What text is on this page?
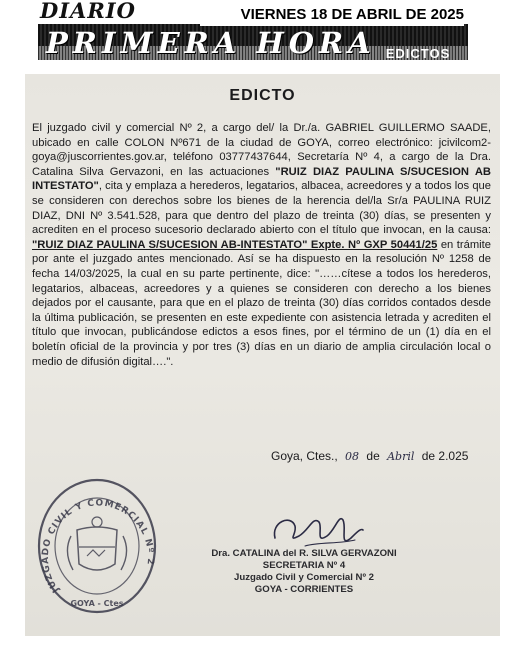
DIARIO
PRIMERA HORA
VIERNES 18 DE ABRIL DE 2025
EDICTOS
EDICTO

El juzgado civil y comercial Nº 2, a cargo del/ la Dr./a. GABRIEL GUILLERMO SAADE, ubicado en calle COLON Nº671 de la ciudad de GOYA, correo electrónico: jcivilcom2-goya@juscorrientes.gov.ar, teléfono 03777437644, Secretaría Nº 4, a cargo de la Dra. Catalina Silva Gervazoni, en las actuaciones "RUIZ DIAZ PAULINA S/SUCESION AB INTESTATO", cita y emplaza a herederos, legatarios, albacea, acreedores y a todos los que se consideren con derechos sobre los bienes de la herencia del/la Sr/a PAULINA RUIZ DIAZ, DNI Nº 3.541.528, para que dentro del plazo de treinta (30) días, se presenten y acrediten en el proceso sucesorio declarado abierto con el título que invocan, en la causa: "RUIZ DIAZ PAULINA S/SUCESION AB-INTESTATO" Expte. Nº GXP 50441/25 en trámite por ante el juzgado antes mencionado. Así se ha dispuesto en la resolución Nº 1258 de fecha 14/03/2025, la cual en su parte pertinente, dice: "……cítese a todos los herederos, legatarios, albaceas, acreedores y a quienes se consideren con derecho a los bienes dejados por el causante, para que en el plazo de treinta (30) días corridos contados desde la última publicación, se presenten en este expediente con asistencia letrada y acrediten el título que invocan, publicándose edictos a esos fines, por el término de un (1) día en el boletín oficial de la provincia y por tres (3) días en un diario de amplia circulación local o medio de difusión digital….".

Goya, Ctes., 08 de Abril de 2.025
JUZGADO CIVIL Y COMERCIAL Nº 2
GOYA - Ctes
Dra. CATALINA del R. SILVA GERVAZONI
SECRETARIA Nº 4
Juzgado Civil y Comercial Nº 2
GOYA - CORRIENTES
